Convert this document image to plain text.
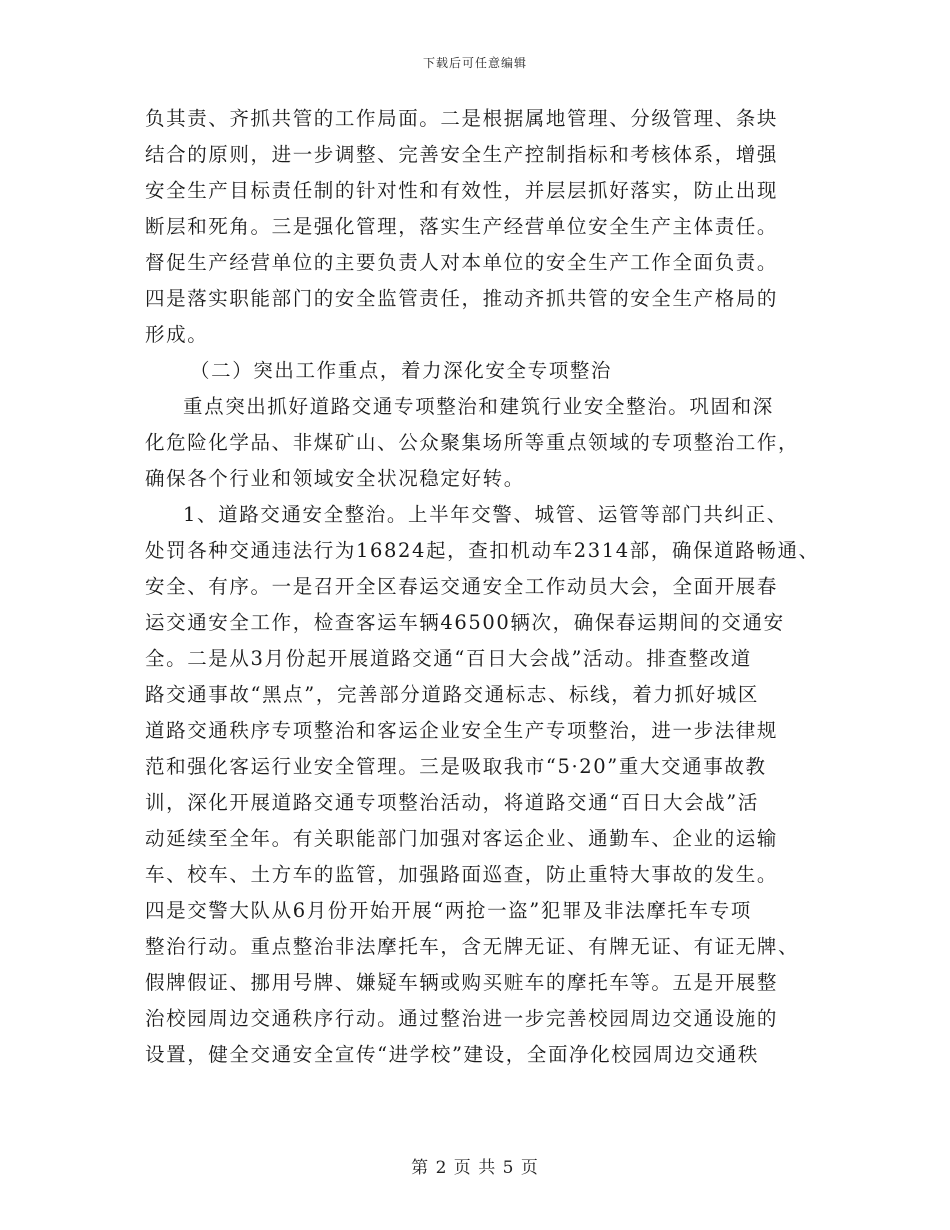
下载后可任意编辑
负其责、齐抓共管的工作局面。二是根据属地管理、分级管理、条块
结合的原则，进一步调整、完善安全生产控制指标和考核体系，增强
安全生产目标责任制的针对性和有效性，并层层抓好落实，防止出现
断层和死角。三是强化管理，落实生产经营单位安全生产主体责任。
督促生产经营单位的主要负责人对本单位的安全生产工作全面负责。
四是落实职能部门的安全监管责任，推动齐抓共管的安全生产格局的
形成。
（二）突出工作重点，着力深化安全专项整治
重点突出抓好道路交通专项整治和建筑行业安全整治。巩固和深
化危险化学品、非煤矿山、公众聚集场所等重点领域的专项整治工作，
确保各个行业和领域安全状况稳定好转。
1、道路交通安全整治。上半年交警、城管、运管等部门共纠正、
处罚各种交通违法行为16824起，查扣机动车2314部，确保道路畅通、
安全、有序。一是召开全区春运交通安全工作动员大会，全面开展春
运交通安全工作，检查客运车辆46500辆次，确保春运期间的交通安
全。二是从3月份起开展道路交通“百日大会战”活动。排查整改道
路交通事故“黑点”，完善部分道路交通标志、标线，着力抓好城区
道路交通秩序专项整治和客运企业安全生产专项整治，进一步法律规
范和强化客运行业安全管理。三是吸取我市“5·20”重大交通事故教
训，深化开展道路交通专项整治活动，将道路交通“百日大会战”活
动延续至全年。有关职能部门加强对客运企业、通勤车、企业的运输
车、校车、土方车的监管，加强路面巡查，防止重特大事故的发生。
四是交警大队从6月份开始开展“两抢一盗”犯罪及非法摩托车专项
整治行动。重点整治非法摩托车，含无牌无证、有牌无证、有证无牌、
假牌假证、挪用号牌、嫌疑车辆或购买赃车的摩托车等。五是开展整
治校园周边交通秩序行动。通过整治进一步完善校园周边交通设施的
设置，健全交通安全宣传“进学校”建设，全面净化校园周边交通秩
第 2 页 共 5 页
